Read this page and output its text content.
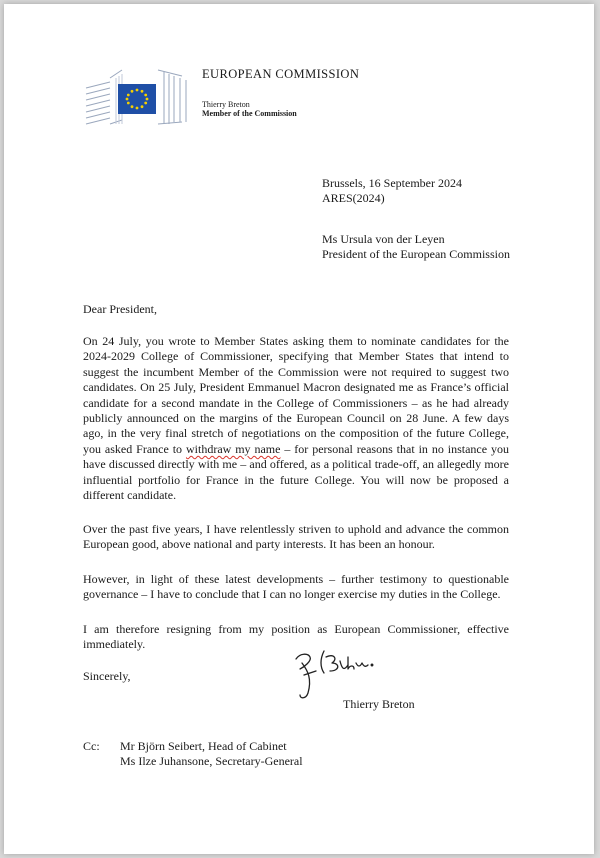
EUROPEAN COMMISSION
Thierry Breton
Member of the Commission
Brussels, 16 September 2024
ARES(2024)
Ms Ursula von der Leyen
President of the European Commission
Dear President,

On 24 July, you wrote to Member States asking them to nominate candidates for the 2024-2029 College of Commissioner, specifying that Member States that intend to suggest the incumbent Member of the Commission were not required to suggest two candidates. On 25 July, President Emmanuel Macron designated me as France’s official candidate for a second mandate in the College of Commissioners – as he had already publicly announced on the margins of the European Council on 28 June. A few days ago, in the very final stretch of negotiations on the composition of the future College, you asked France to withdraw my name – for personal reasons that in no instance you have discussed directly with me – and offered, as a political trade-off, an allegedly more influential portfolio for France in the future College. You will now be proposed a different candidate.

Over the past five years, I have relentlessly striven to uphold and advance the common European good, above national and party interests. It has been an honour.

However, in light of these latest developments – further testimony to questionable governance – I have to conclude that I can no longer exercise my duties in the College.

I am therefore resigning from my position as European Commissioner, effective immediately.

Sincerely,
Thierry Breton
Cc: Mr Björn Seibert, Head of Cabinet
Ms Ilze Juhansone, Secretary-General
